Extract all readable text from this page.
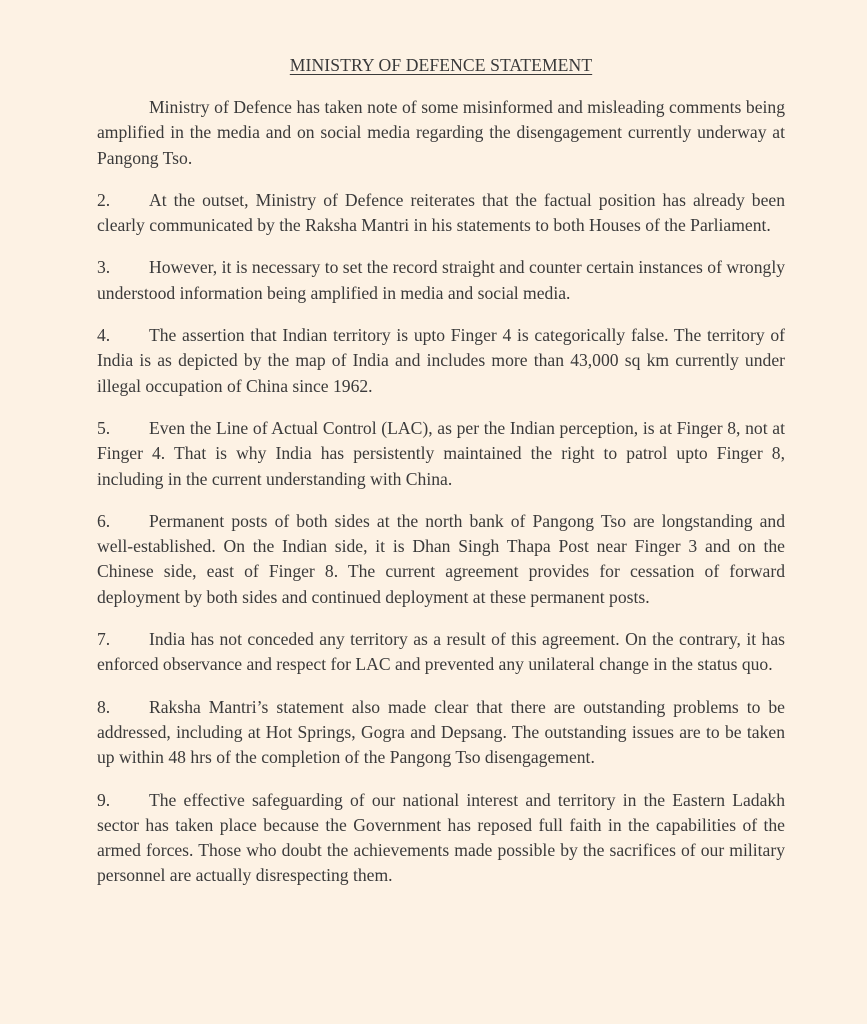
MINISTRY OF DEFENCE STATEMENT

Ministry of Defence has taken note of some misinformed and misleading comments being amplified in the media and on social media regarding the disengagement currently underway at Pangong Tso.

2. At the outset, Ministry of Defence reiterates that the factual position has already been clearly communicated by the Raksha Mantri in his statements to both Houses of the Parliament.

3. However, it is necessary to set the record straight and counter certain instances of wrongly understood information being amplified in media and social media.

4. The assertion that Indian territory is upto Finger 4 is categorically false. The territory of India is as depicted by the map of India and includes more than 43,000 sq km currently under illegal occupation of China since 1962.

5. Even the Line of Actual Control (LAC), as per the Indian perception, is at Finger 8, not at Finger 4. That is why India has persistently maintained the right to patrol upto Finger 8, including in the current understanding with China.

6. Permanent posts of both sides at the north bank of Pangong Tso are longstanding and well-established. On the Indian side, it is Dhan Singh Thapa Post near Finger 3 and on the Chinese side, east of Finger 8. The current agreement provides for cessation of forward deployment by both sides and continued deployment at these permanent posts.

7. India has not conceded any territory as a result of this agreement. On the contrary, it has enforced observance and respect for LAC and prevented any unilateral change in the status quo.

8. Raksha Mantri’s statement also made clear that there are outstanding problems to be addressed, including at Hot Springs, Gogra and Depsang. The outstanding issues are to be taken up within 48 hrs of the completion of the Pangong Tso disengagement.

9. The effective safeguarding of our national interest and territory in the Eastern Ladakh sector has taken place because the Government has reposed full faith in the capabilities of the armed forces. Those who doubt the achievements made possible by the sacrifices of our military personnel are actually disrespecting them.
